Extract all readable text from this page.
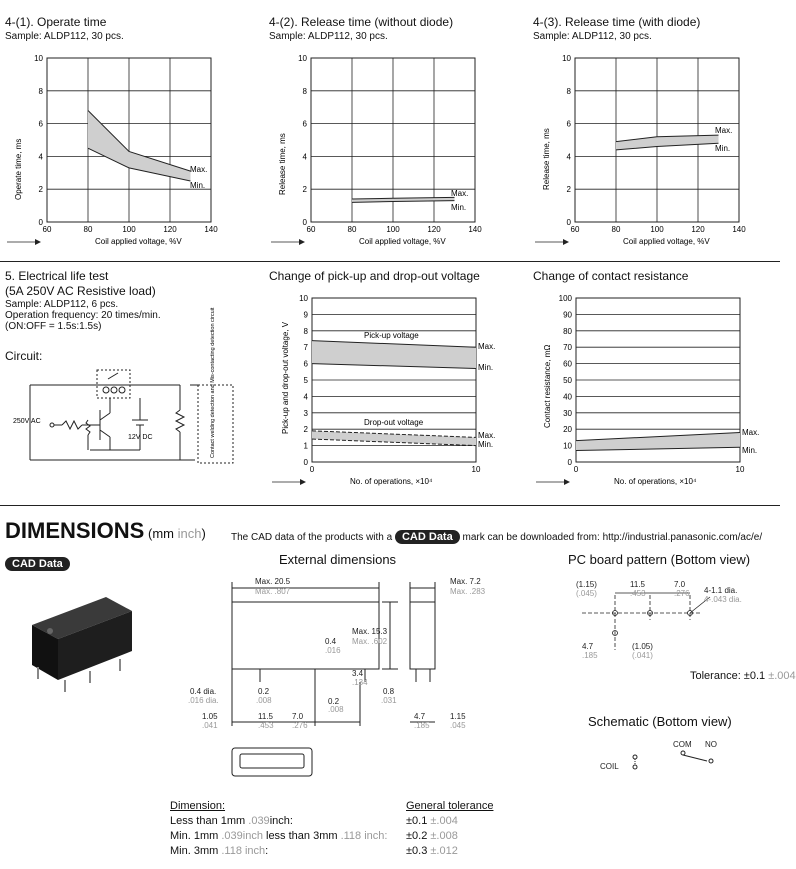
4-(1). Operate time
Sample: ALDP112, 30 pcs.
4-(2). Release time (without diode)
Sample: ALDP112, 30 pcs.
4-(3). Release time (with diode)
Sample: ALDP112, 30 pcs.
0
2
4
6
8
10
60	80	100	120	140
Max.
Min.
Operate time, ms
Coil applied voltage, %V
0
2
4
6
8
10
60	80	100	120	140
Max.
Min.
Release time, ms
Coil applied voltage, %V
0
2
4
6
8
10
60	80	100	120	140
Max.
Min.
Release time, ms
Coil applied voltage, %V
5. Electrical life test
(5A 250V AC Resistive load)
Sample: ALDP112, 6 pcs.
Operation frequency: 20 times/min.
(ON:OFF = 1.5s:1.5s)
Circuit:
250V AC
12V DC	Contact welding detection and Mis-contacting detection circuit
Change of pick-up and drop-out voltage	Change of contact resistance
0
1
2
3
4
5
6
7
8
9
10
0	10
Pick-up voltage
Drop-out voltage
Max.
Min.
Max.
Min.
Pick-up and drop-out voltage, V
No. of operations, ×10⁴
0
10
20
30
40
50
60
70
80
90
100
0	10
Max.
Min.
Contact resistance, mΩ
No. of operations, ×10⁴
DIMENSIONS (mm inch)	The CAD data of the products with a CAD Data mark can be downloaded from: http://industrial.panasonic.com/ac/e/
CAD Data	External dimensions
Max. 20.5
Max. .807
Max. 7.2
Max. .283
Max. 15.3
Max. .602
0.4
.016
3.4
.134
0.4 dia.
.016 dia.
0.2
.008	0.2
.008
0.8
.031
1.05
.041
11.5
.453
7.0
.276
4.7
.185
1.15
.045
PC board pattern (Bottom view)
(1.15)
(.045)
11.5
.453
7.0
.276 4-1.1 dia.
4-.043 dia.
4.7
.185
(1.05)
(.041)
Tolerance: ±0.1 ±.004
Schematic (Bottom view)
COM NO
COIL
Dimension:	General tolerance
Less than 1mm .039inch:	±0.1 ±.004
Min. 1mm .039inch less than 3mm .118 inch: ±0.2 ±.008
Min. 3mm .118 inch:	±0.3 ±.012
